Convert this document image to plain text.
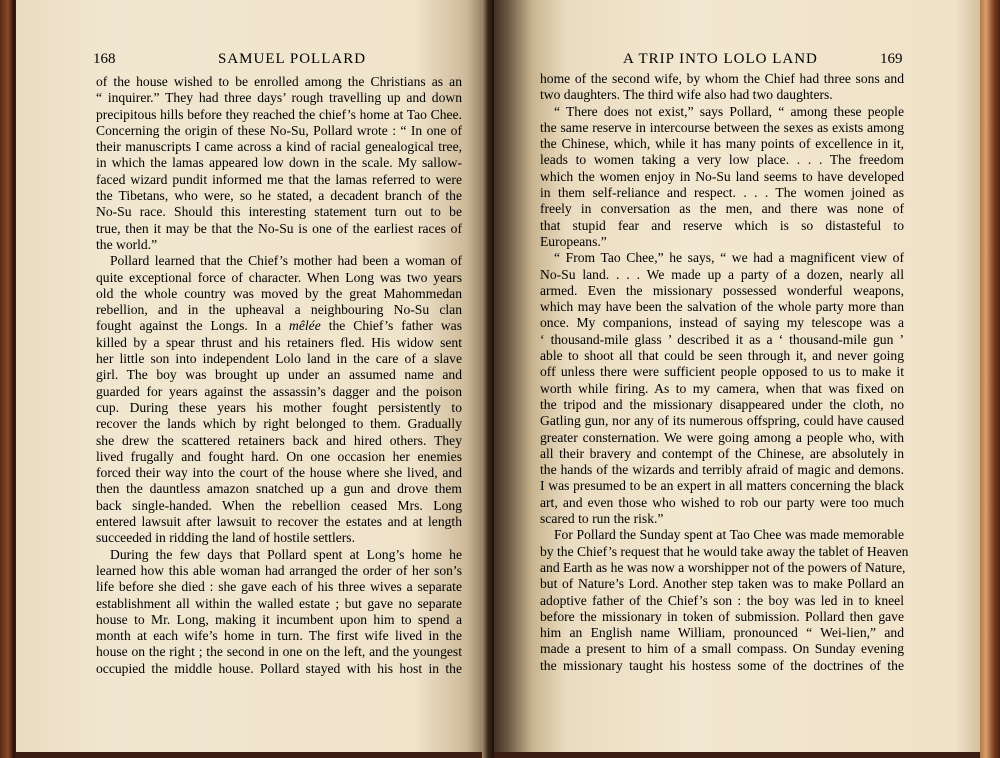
168	SAMUEL POLLARD	A TRIP INTO LOLO LAND	169
of the house wished to be enrolled among the Christians as an
“ inquirer.” They had three days’ rough travelling up and down
precipitous hills before they reached the chief’s home at Tao Chee.
Concerning the origin of these No-Su, Pollard wrote : “ In one of
their manuscripts I came across a kind of racial genealogical tree,
in which the lamas appeared low down in the scale. My sallow-
faced wizard pundit informed me that the lamas referred to were
the Tibetans, who were, so he stated, a decadent branch of the
No-Su race. Should this interesting statement turn out to be
true, then it may be that the No-Su is one of the earliest races of
the world.”
Pollard learned that the Chief’s mother had been a woman of
quite exceptional force of character. When Long was two years
old the whole country was moved by the great Mahommedan
rebellion, and in the upheaval a neighbouring No-Su clan
fought against the Longs. In a mêlée the Chief’s father was
killed by a spear thrust and his retainers fled. His widow sent
her little son into independent Lolo land in the care of a slave
girl. The boy was brought up under an assumed name and
guarded for years against the assassin’s dagger and the poison
cup. During these years his mother fought persistently to
recover the lands which by right belonged to them. Gradually
she drew the scattered retainers back and hired others. They
lived frugally and fought hard. On one occasion her enemies
forced their way into the court of the house where she lived, and
then the dauntless amazon snatched up a gun and drove them
back single-handed. When the rebellion ceased Mrs. Long
entered lawsuit after lawsuit to recover the estates and at length
succeeded in ridding the land of hostile settlers.
During the few days that Pollard spent at Long’s home he
learned how this able woman had arranged the order of her son’s
life before she died : she gave each of his three wives a separate
establishment all within the walled estate ; but gave no separate
house to Mr. Long, making it incumbent upon him to spend a
month at each wife’s home in turn. The first wife lived in the
house on the right ; the second in one on the left, and the youngest
occupied the middle house. Pollard stayed with his host in the
home of the second wife, by whom the Chief had three sons and
two daughters. The third wife also had two daughters.
“ There does not exist,” says Pollard, “ among these people
the same reserve in intercourse between the sexes as exists among
the Chinese, which, while it has many points of excellence in it,
leads to women taking a very low place. . . . The freedom
which the women enjoy in No-Su land seems to have developed
in them self-reliance and respect. . . . The women joined as
freely in conversation as the men, and there was none of
that stupid fear and reserve which is so distasteful to
Europeans.”
“ From Tao Chee,” he says, “ we had a magnificent view of
No-Su land. . . . We made up a party of a dozen, nearly all
armed. Even the missionary possessed wonderful weapons,
which may have been the salvation of the whole party more than
once. My companions, instead of saying my telescope was a
‘ thousand-mile glass ’ described it as a ‘ thousand-mile gun ’
able to shoot all that could be seen through it, and never going
off unless there were sufficient people opposed to us to make it
worth while firing. As to my camera, when that was fixed on
the tripod and the missionary disappeared under the cloth, no
Gatling gun, nor any of its numerous offspring, could have caused
greater consternation. We were going among a people who, with
all their bravery and contempt of the Chinese, are absolutely in
the hands of the wizards and terribly afraid of magic and demons.
I was presumed to be an expert in all matters concerning the black
art, and even those who wished to rob our party were too much
scared to run the risk.”
For Pollard the Sunday spent at Tao Chee was made memorable
by the Chief’s request that he would take away the tablet of Heaven
and Earth as he was now a worshipper not of the powers of Nature,
but of Nature’s Lord. Another step taken was to make Pollard an
adoptive father of the Chief’s son : the boy was led in to kneel
before the missionary in token of submission. Pollard then gave
him an English name William, pronounced “ Wei-lien,” and
made a present to him of a small compass. On Sunday evening
the missionary taught his hostess some of the doctrines of the
